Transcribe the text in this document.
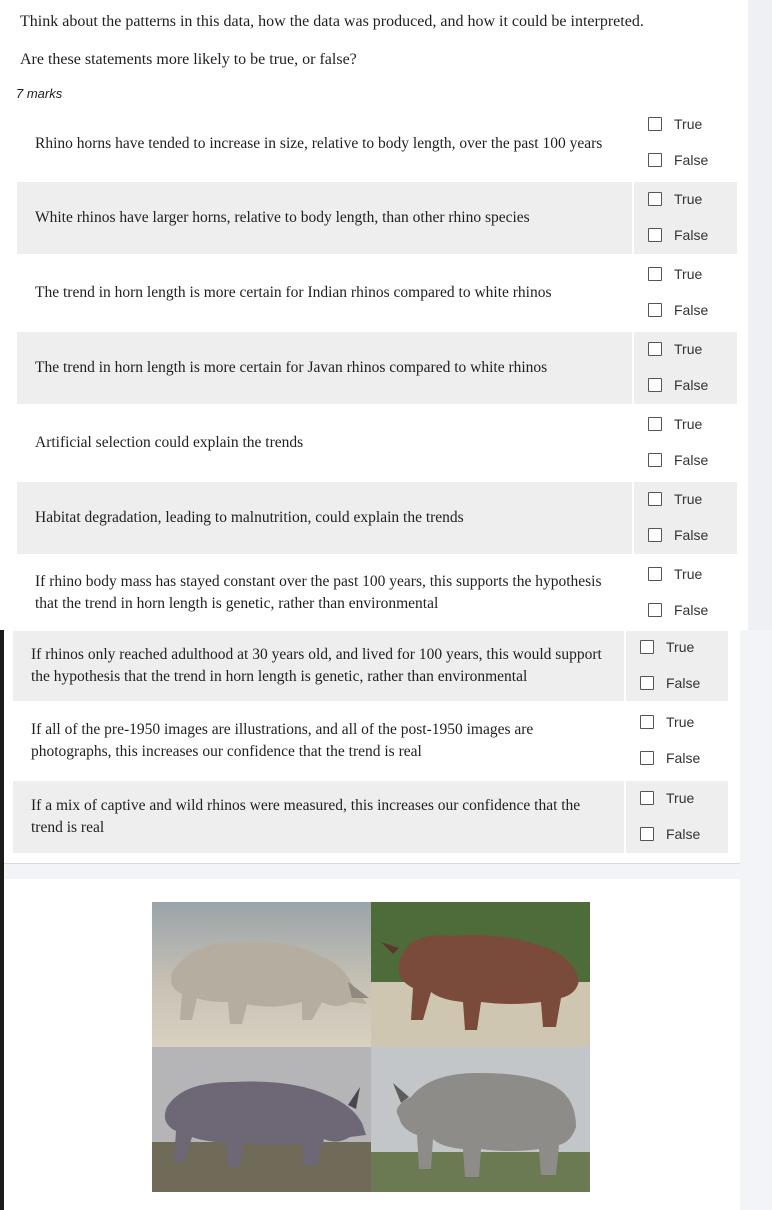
Think about the patterns in this data, how the data was produced, and how it could be interpreted.
Are these statements more likely to be true, or false?
7 marks
Rhino horns have tended to increase in size, relative to body length, over the past 100 years
True
False
White rhinos have larger horns, relative to body length, than other rhino species
True
False
The trend in horn length is more certain for Indian rhinos compared to white rhinos
True
False
The trend in horn length is more certain for Javan rhinos compared to white rhinos
True
False
Artificial selection could explain the trends
True
False
Habitat degradation, leading to malnutrition, could explain the trends
True
False
If rhino body mass has stayed constant over the past 100 years, this supports the hypothesis that the trend in horn length is genetic, rather than environmental
True
False
If rhinos only reached adulthood at 30 years old, and lived for 100 years, this would support the hypothesis that the trend in horn length is genetic, rather than environmental
True
False
If all of the pre-1950 images are illustrations, and all of the post-1950 images are photographs, this increases our confidence that the trend is real
True
False
If a mix of captive and wild rhinos were measured, this increases our confidence that the trend is real
True
False
